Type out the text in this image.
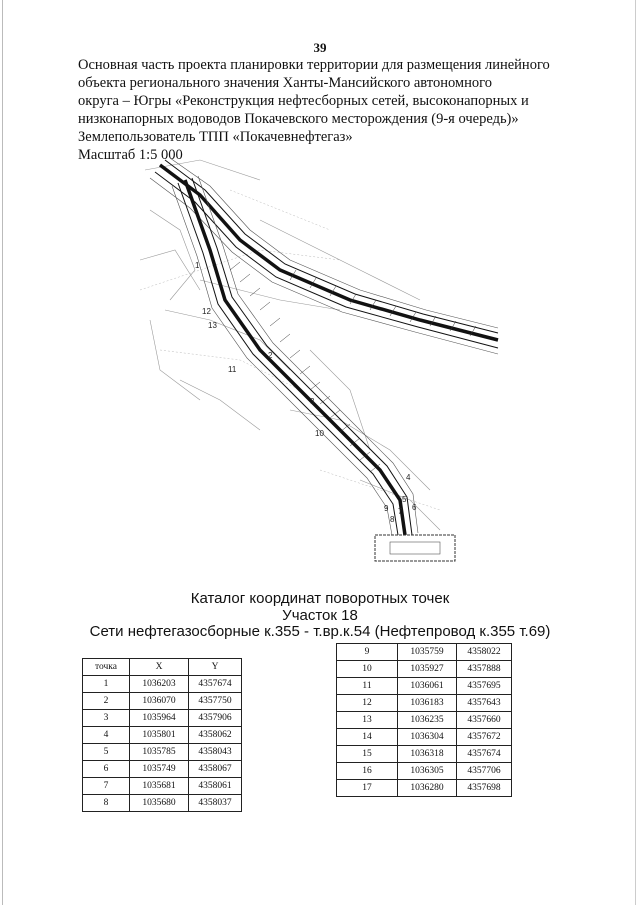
39
Основная часть проекта планировки территории для размещения линейного
объекта регионального значения Ханты-Мансийского автономного
округа – Югры «Реконструкция нефтесборных сетей, высоконапорных и
низконапорных водоводов Покачевского месторождения (9-я очередь)»
Землепользователь ТПП «Покачевнефтегаз»
Масштаб 1:5 000
1
2
3
4
5
6
7
8
9
10
11
12
13
Каталог координат поворотных точек
Участок 18
Сети нефтегазосборные к.355 - т.вр.к.54 (Нефтепровод к.355 т.69)
точка	X	Y
1	1036203	4357674
2	1036070	4357750
3	1035964	4357906
4	1035801	4358062
5	1035785	4358043
6	1035749	4358067
7	1035681	4358061
8	1035680	4358037
9	1035759	4358022
10	1035927	4357888
11	1036061	4357695
12	1036183	4357643
13	1036235	4357660
14	1036304	4357672
15	1036318	4357674
16	1036305	4357706
17	1036280	4357698
